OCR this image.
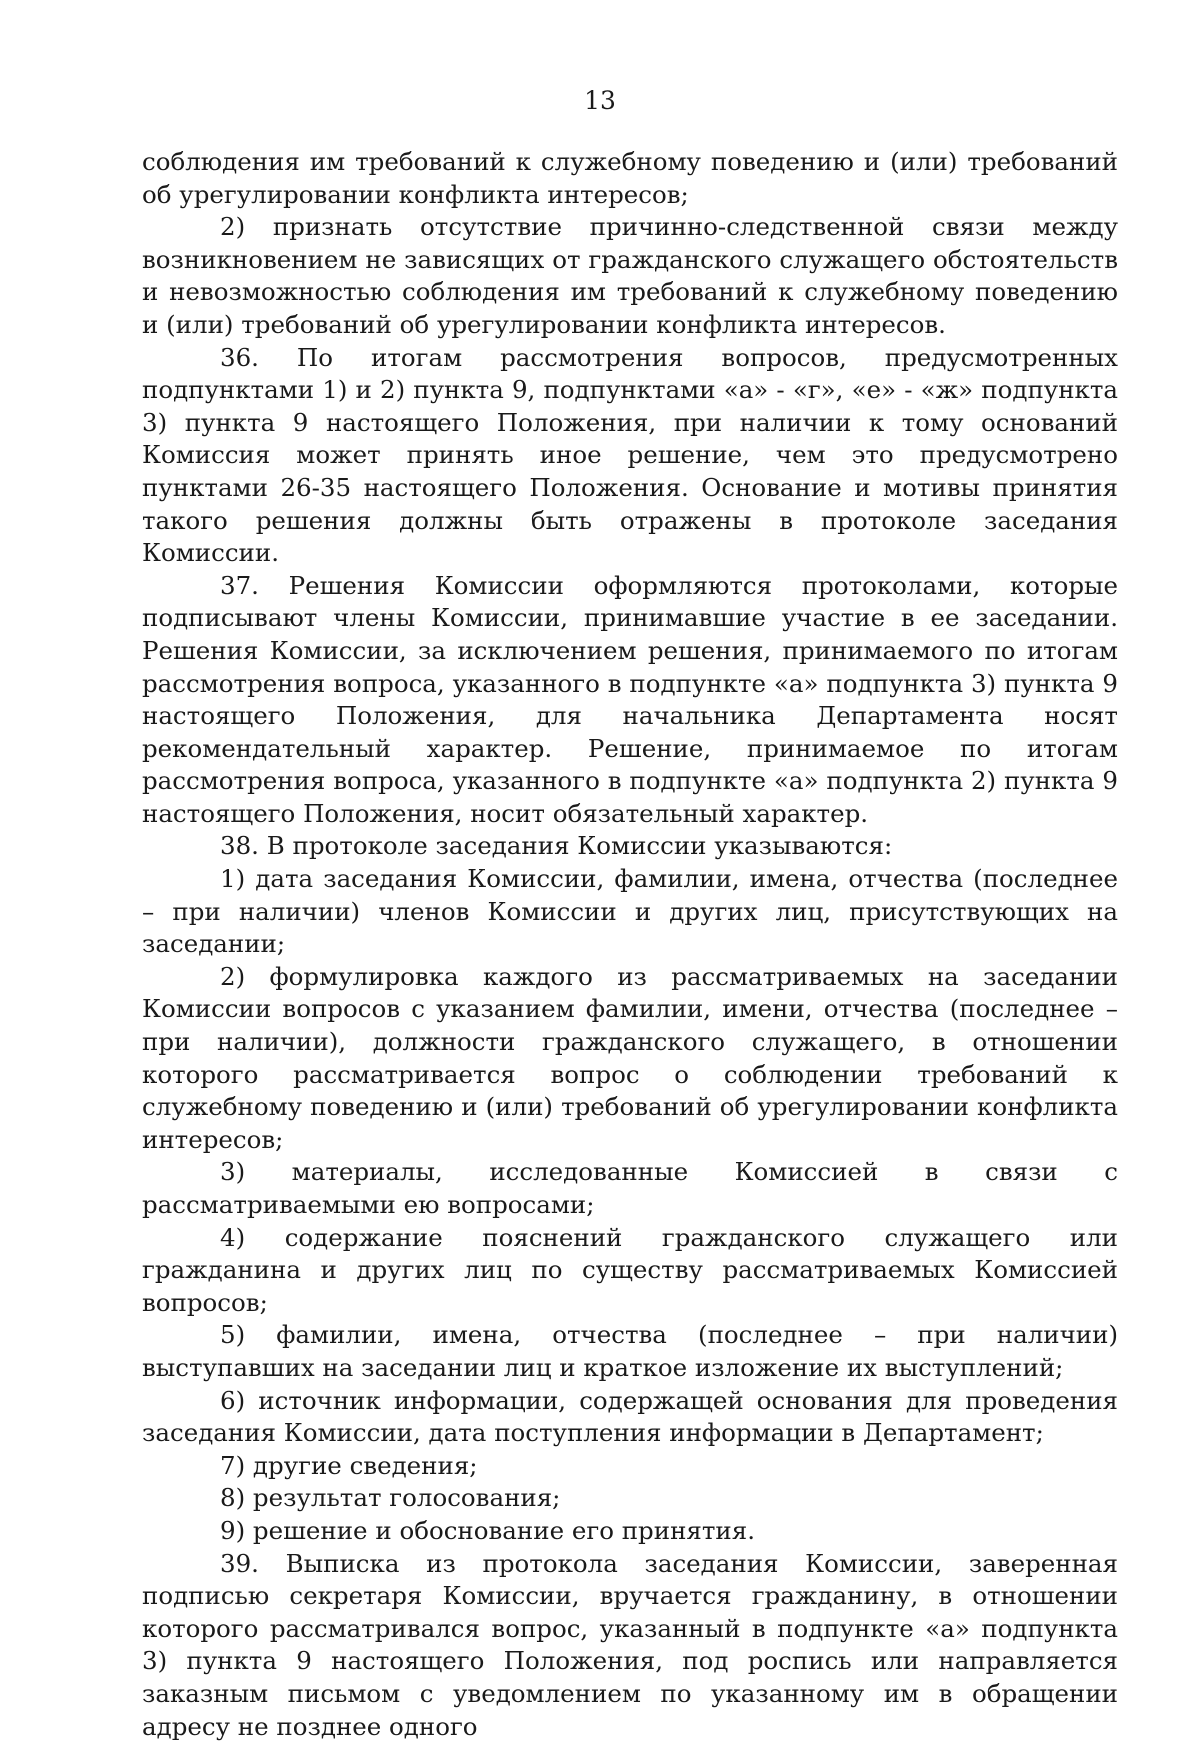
13

соблюдения им требований к служебному поведению и (или) требований об урегулировании конфликта интересов;

2) признать отсутствие причинно-следственной связи между возникновением не зависящих от гражданского служащего обстоятельств и невозможностью соблюдения им требований к служебному поведению и (или) требований об урегулировании конфликта интересов.

36. По итогам рассмотрения вопросов, предусмотренных подпунктами 1) и 2) пункта 9, подпунктами «а» - «г», «е» - «ж» подпункта 3) пункта 9 настоящего Положения, при наличии к тому оснований Комиссия может принять иное решение, чем это предусмотрено пунктами 26-35 настоящего Положения. Основание и мотивы принятия такого решения должны быть отражены в протоколе заседания Комиссии.

37. Решения Комиссии оформляются протоколами, которые подписывают члены Комиссии, принимавшие участие в ее заседании. Решения Комиссии, за исключением решения, принимаемого по итогам рассмотрения вопроса, указанного в подпункте «а» подпункта 3) пункта 9 настоящего Положения, для начальника Департамента носят рекомендательный характер. Решение, принимаемое по итогам рассмотрения вопроса, указанного в подпункте «а» подпункта 2) пункта 9 настоящего Положения, носит обязательный характер.

38. В протоколе заседания Комиссии указываются:

1) дата заседания Комиссии, фамилии, имена, отчества (последнее – при наличии) членов Комиссии и других лиц, присутствующих на заседании;

2) формулировка каждого из рассматриваемых на заседании Комиссии вопросов с указанием фамилии, имени, отчества (последнее – при наличии), должности гражданского служащего, в отношении которого рассматривается вопрос о соблюдении требований к служебному поведению и (или) требований об урегулировании конфликта интересов;

3) материалы, исследованные Комиссией в связи с рассматриваемыми ею вопросами;

4) содержание пояснений гражданского служащего или гражданина и других лиц по существу рассматриваемых Комиссией вопросов;

5) фамилии, имена, отчества (последнее – при наличии) выступавших на заседании лиц и краткое изложение их выступлений;

6) источник информации, содержащей основания для проведения заседания Комиссии, дата поступления информации в Департамент;

7) другие сведения;

8) результат голосования;

9) решение и обоснование его принятия.

39. Выписка из протокола заседания Комиссии, заверенная подписью секретаря Комиссии, вручается гражданину, в отношении которого рассматривался вопрос, указанный в подпункте «а» подпункта 3) пункта 9 настоящего Положения, под роспись или направляется заказным письмом с уведомлением по указанному им в обращении адресу не позднее одного
